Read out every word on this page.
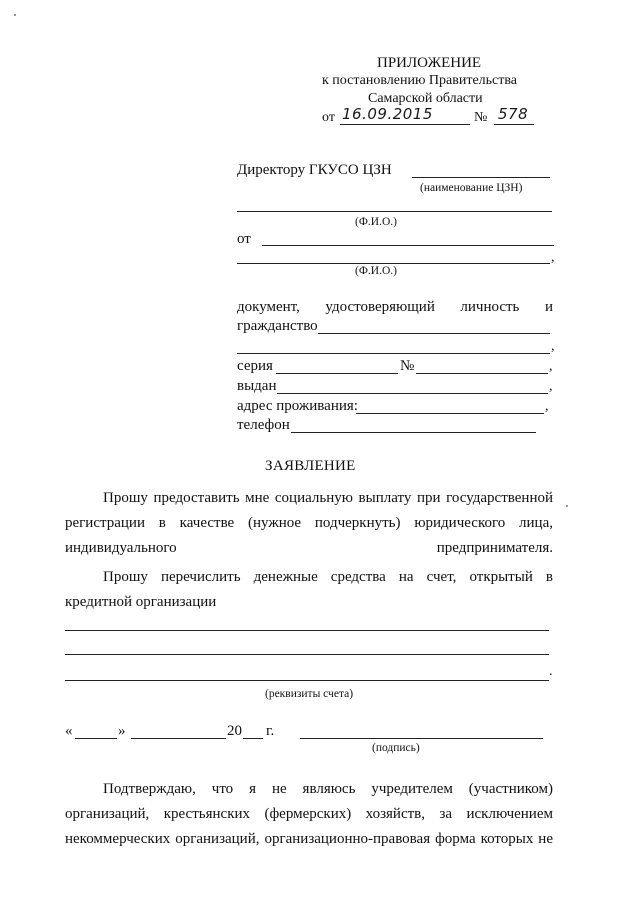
ПРИЛОЖЕНИЕ
к постановлению Правительства
Самарской области
от 16.09.2015	№ 578
Директору ГКУСО ЦЗН
(наименование ЦЗН)
(Ф.И.О.)
от
,
(Ф.И.О.)
документ, удостоверяющий личность и
гражданство
,
серия	№	,
выдан	,
адрес проживания:	,
телефон
ЗАЯВЛЕНИЕ
Прошу предоставить мне социальную выплату при государственной регистрации в качестве (нужное подчеркнуть) юридического лица, индивидуального предпринимателя.
Прошу перечислить денежные средства на счет, открытый в кредитной организации
.
(реквизиты счета)
«	»	20 г.
(подпись)
Подтверждаю, что я не являюсь учредителем (участником) организаций, крестьянских (фермерских) хозяйств, за исключением некоммерческих организаций, организационно-правовая форма которых не
